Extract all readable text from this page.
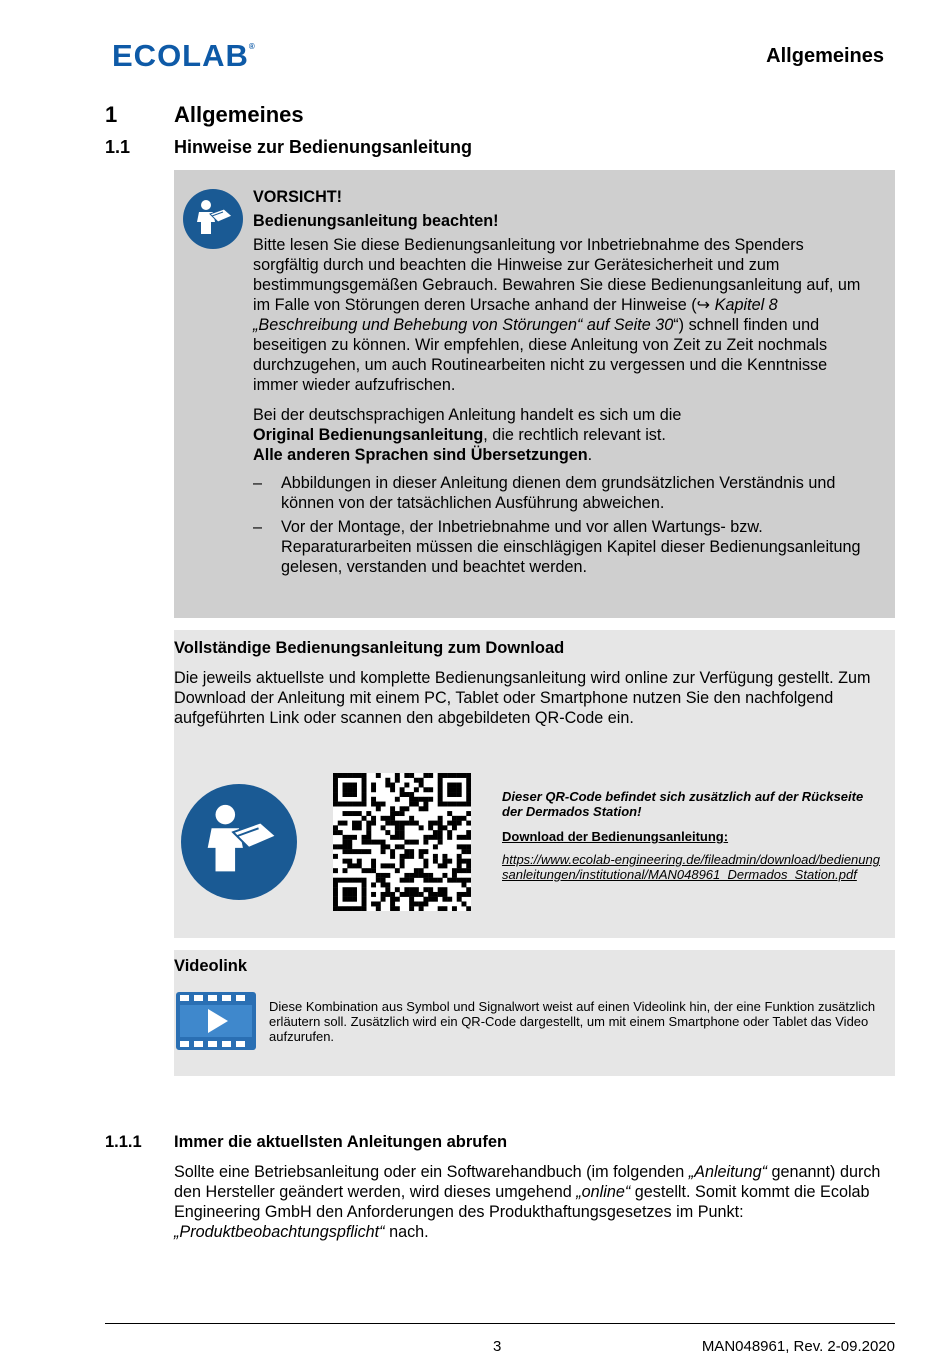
ECOLAB®	Allgemeines
1	Allgemeines
1.1 Hinweise zur Bedienungsanleitung

VORSICHT!

Bedienungsanleitung beachten!

Bitte lesen Sie diese Bedienungsanleitung vor Inbetriebnahme des Spenders sorgfältig durch und beachten die Hinweise zur Gerätesicherheit und zum bestimmungsgemäßen Gebrauch. Bewahren Sie diese Bedienungsanleitung auf, um im Falle von Störungen deren Ursache anhand der Hinweise (↪ Kapitel 8 „Beschreibung und Behebung von Störungen“ auf Seite 30“) schnell finden und beseitigen zu können. Wir empfehlen, diese Anleitung von Zeit zu Zeit nochmals durchzugehen, um auch Routinearbeiten nicht zu vergessen und die Kenntnisse immer wieder aufzufrischen.

Bei der deutschsprachigen Anleitung handelt es sich um die
Original Bedienungsanleitung, die rechtlich relevant ist.
Alle anderen Sprachen sind Übersetzungen.

– Abbildungen in dieser Anleitung dienen dem grundsätzlichen Verständnis und können von der tatsächlichen Ausführung abweichen.
– Vor der Montage, der Inbetriebnahme und vor allen Wartungs- bzw. Reparaturarbeiten müssen die einschlägigen Kapitel dieser Bedienungsanleitung gelesen, verstanden und beachtet werden.
Vollständige Bedienungsanleitung zum Download
Die jeweils aktuellste und komplette Bedienungsanleitung wird online zur Verfügung gestellt. Zum Download der Anleitung mit einem PC, Tablet oder Smartphone nutzen Sie den nachfolgend aufgeführten Link oder scannen den abgebildeten QR-Code ein.
Dieser QR-Code befindet sich zusätzlich auf der Rückseite der Dermados Station!
Download der Bedienungsanleitung:
https://www.ecolab-engineering.de/fileadmin/download/bedienungsanleitungen/institutional/MAN048961_Dermados_Station.pdf
Videolink
Diese Kombination aus Symbol und Signalwort weist auf einen Videolink hin, der eine Funktion zusätzlich erläutern soll. Zusätzlich wird ein QR-Code dargestellt, um mit einem Smartphone oder Tablet das Video aufzurufen.
1.1.1 Immer die aktuellsten Anleitungen abrufen
Sollte eine Betriebsanleitung oder ein Softwarehandbuch (im folgenden „Anleitung“ genannt) durch den Hersteller geändert werden, wird dieses umgehend „online“ gestellt. Somit kommt die Ecolab Engineering GmbH den Anforderungen des Produkthaftungsgesetzes im Punkt: „Produktbeobachtungspflicht“ nach.
3	MAN048961, Rev. 2-09.2020
